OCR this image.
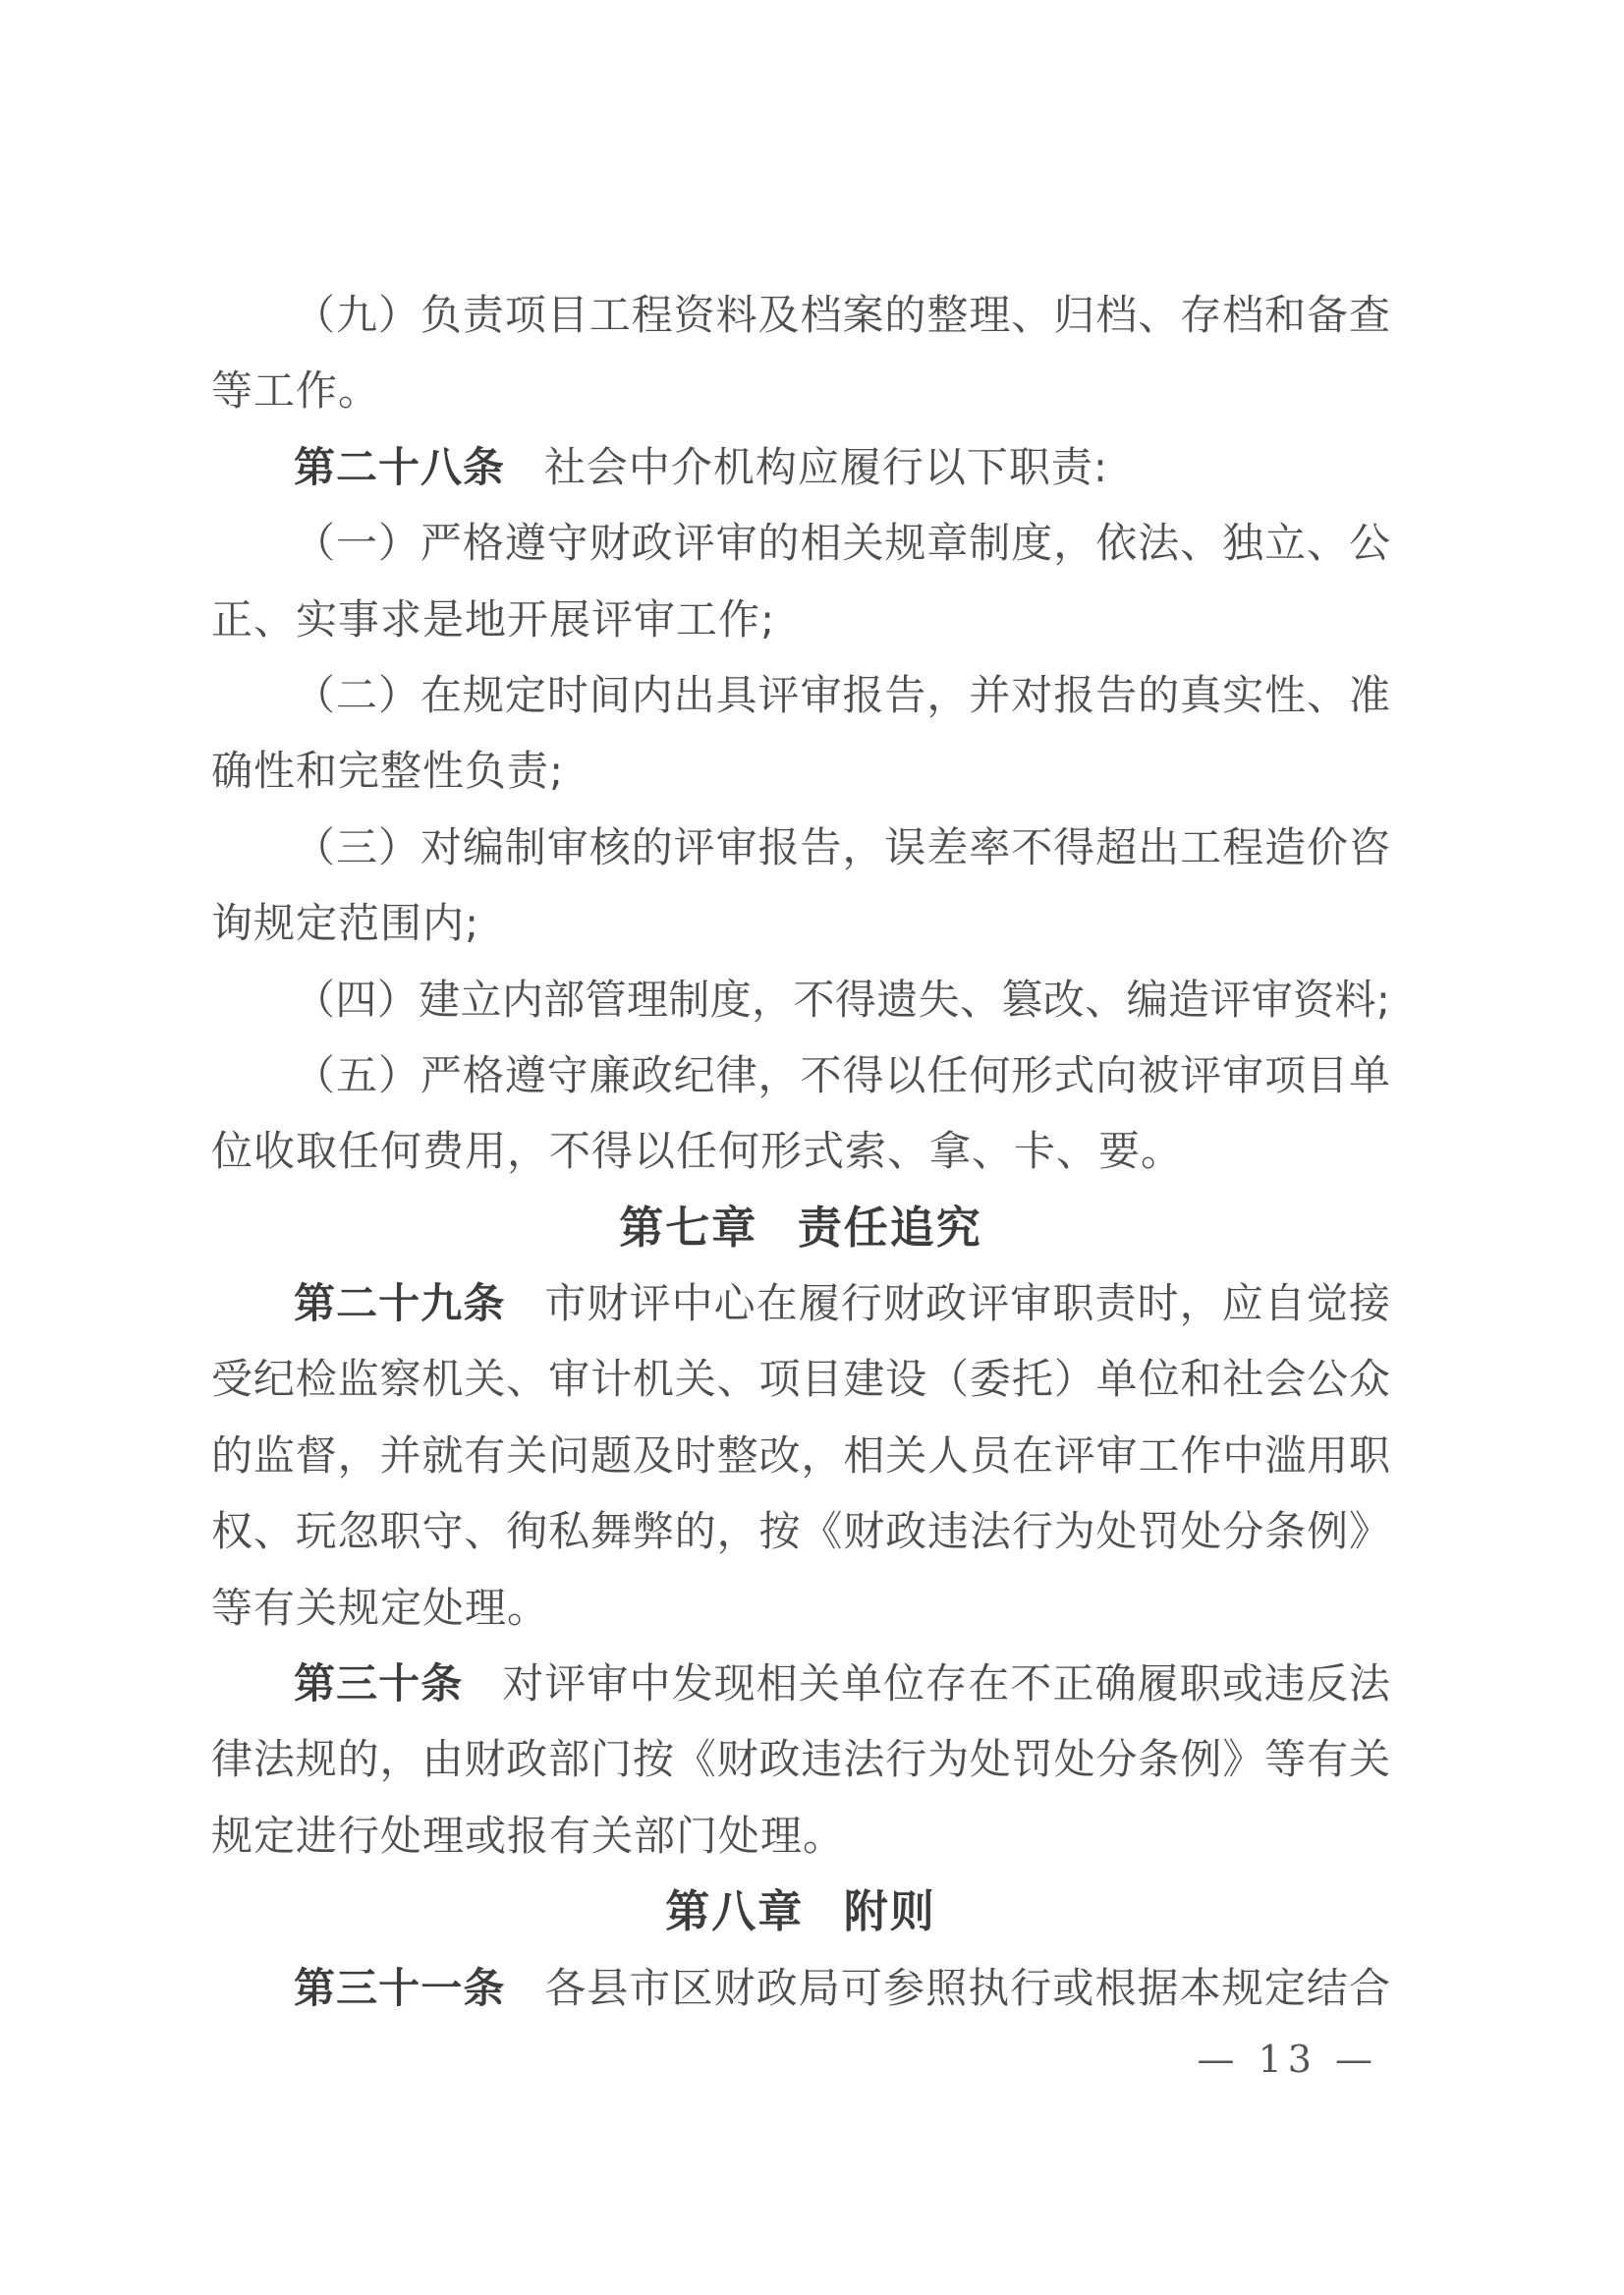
（九）负责项目工程资料及档案的整理、归档、存档和备查
等工作。
第二十八条 社会中介机构应履行以下职责:
（一）严格遵守财政评审的相关规章制度，依法、独立、公
正、实事求是地开展评审工作;
（二）在规定时间内出具评审报告，并对报告的真实性、准
确性和完整性负责;
（三）对编制审核的评审报告，误差率不得超出工程造价咨
询规定范围内;
（四）建立内部管理制度，不得遗失、篡改、编造评审资料;
（五）严格遵守廉政纪律，不得以任何形式向被评审项目单
位收取任何费用，不得以任何形式索、拿、卡、要。
第七章 责任追究
第二十九条 市财评中心在履行财政评审职责时，应自觉接
受纪检监察机关、审计机关、项目建设（委托）单位和社会公众
的监督，并就有关问题及时整改，相关人员在评审工作中滥用职
权、玩忽职守、徇私舞弊的，按《财政违法行为处罚处分条例》
等有关规定处理。
第三十条 对评审中发现相关单位存在不正确履职或违反法
律法规的，由财政部门按《财政违法行为处罚处分条例》等有关
规定进行处理或报有关部门处理。
第八章 附则
第三十一条 各县市区财政局可参照执行或根据本规定结合
— 13 —
